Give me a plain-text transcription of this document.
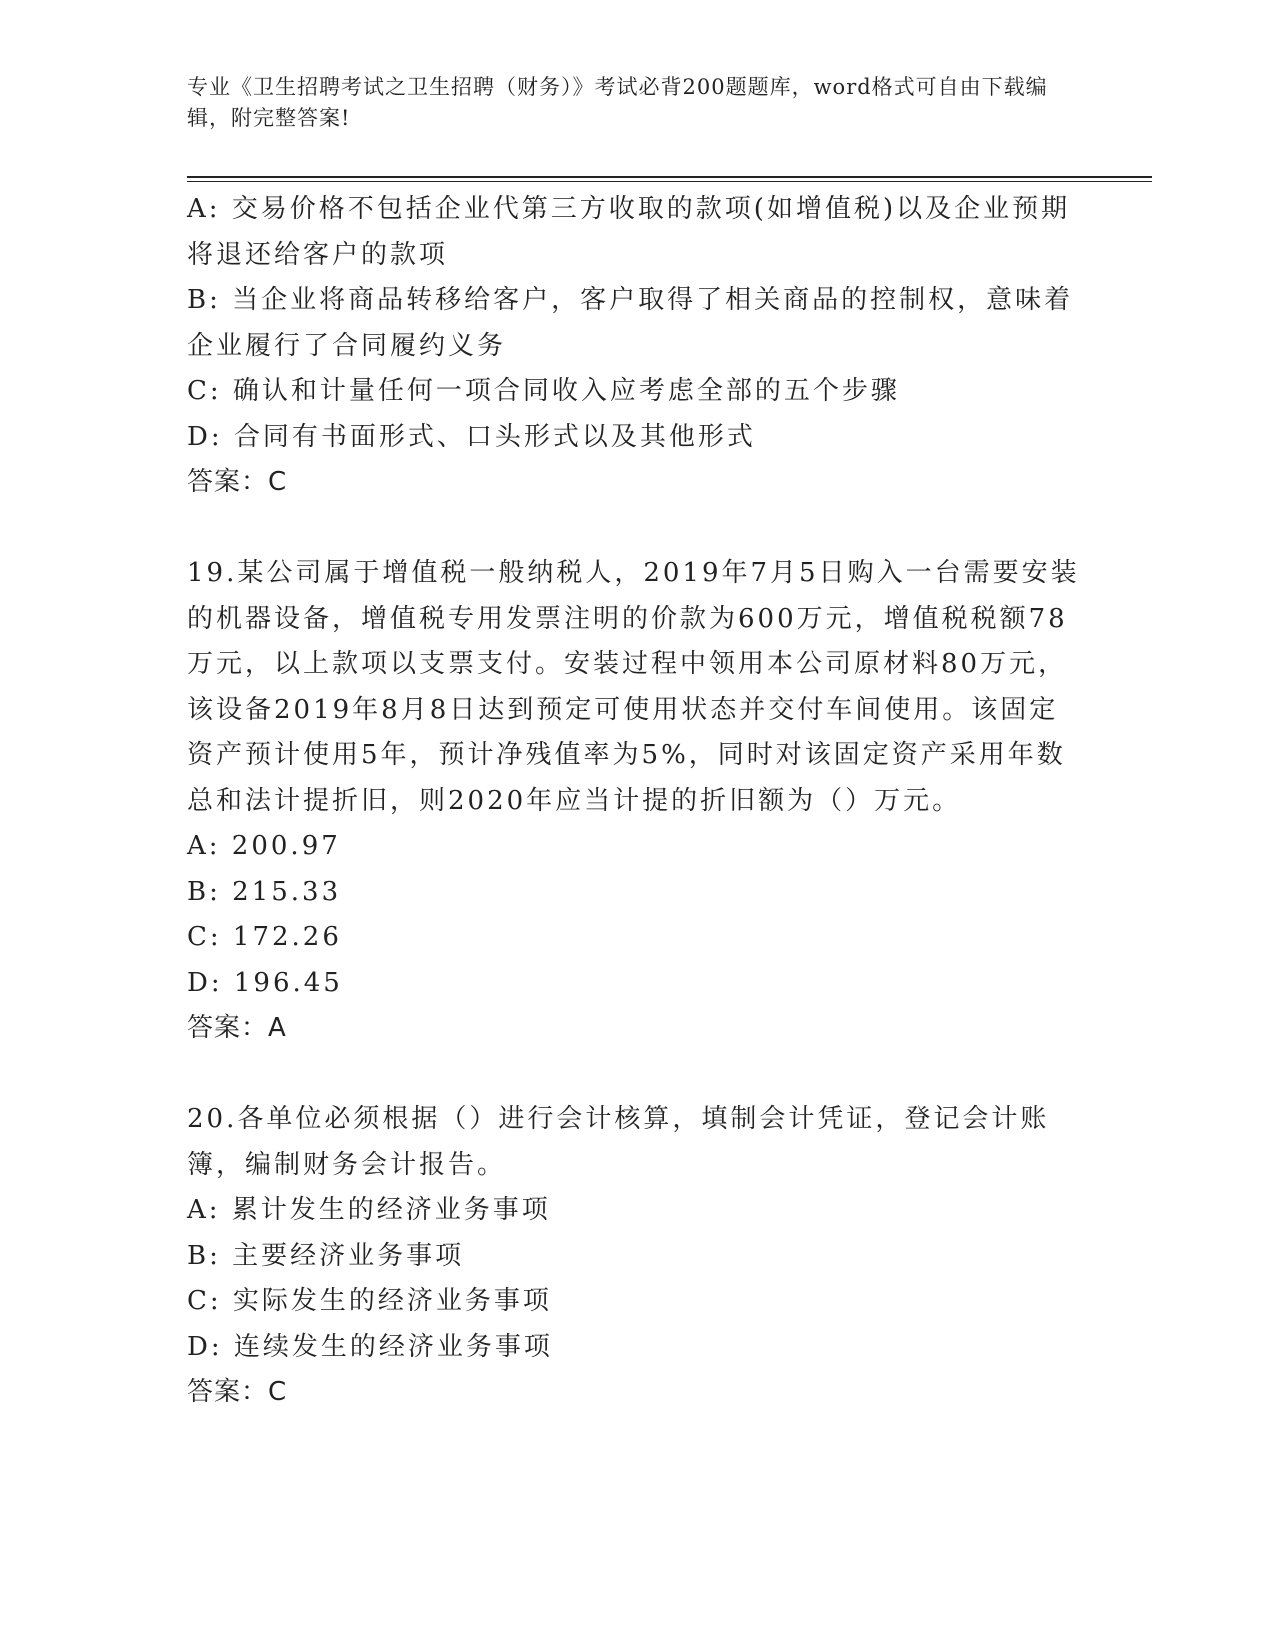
专业《卫生招聘考试之卫生招聘（财务）》考试必背200题题库，word格式可自由下载编辑，附完整答案!

A: 交易价格不包括企业代第三方收取的款项(如增值税)以及企业预期将退还给客户的款项

B: 当企业将商品转移给客户，客户取得了相关商品的控制权，意味着企业履行了合同履约义务

C: 确认和计量任何一项合同收入应考虑全部的五个步骤

D: 合同有书面形式、口头形式以及其他形式

答案：C

19.某公司属于增值税一般纳税人，2019年7月5日购入一台需要安装的机器设备，增值税专用发票注明的价款为600万元，增值税税额78万元，以上款项以支票支付。安装过程中领用本公司原材料80万元，该设备2019年8月8日达到预定可使用状态并交付车间使用。该固定资产预计使用5年，预计净残值率为5%，同时对该固定资产采用年数总和法计提折旧，则2020年应当计提的折旧额为（）万元。

A: 200.97

B: 215.33

C: 172.26

D: 196.45

答案：A

20.各单位必须根据（）进行会计核算，填制会计凭证，登记会计账簿，编制财务会计报告。

A: 累计发生的经济业务事项

B: 主要经济业务事项

C: 实际发生的经济业务事项

D: 连续发生的经济业务事项

答案：C
